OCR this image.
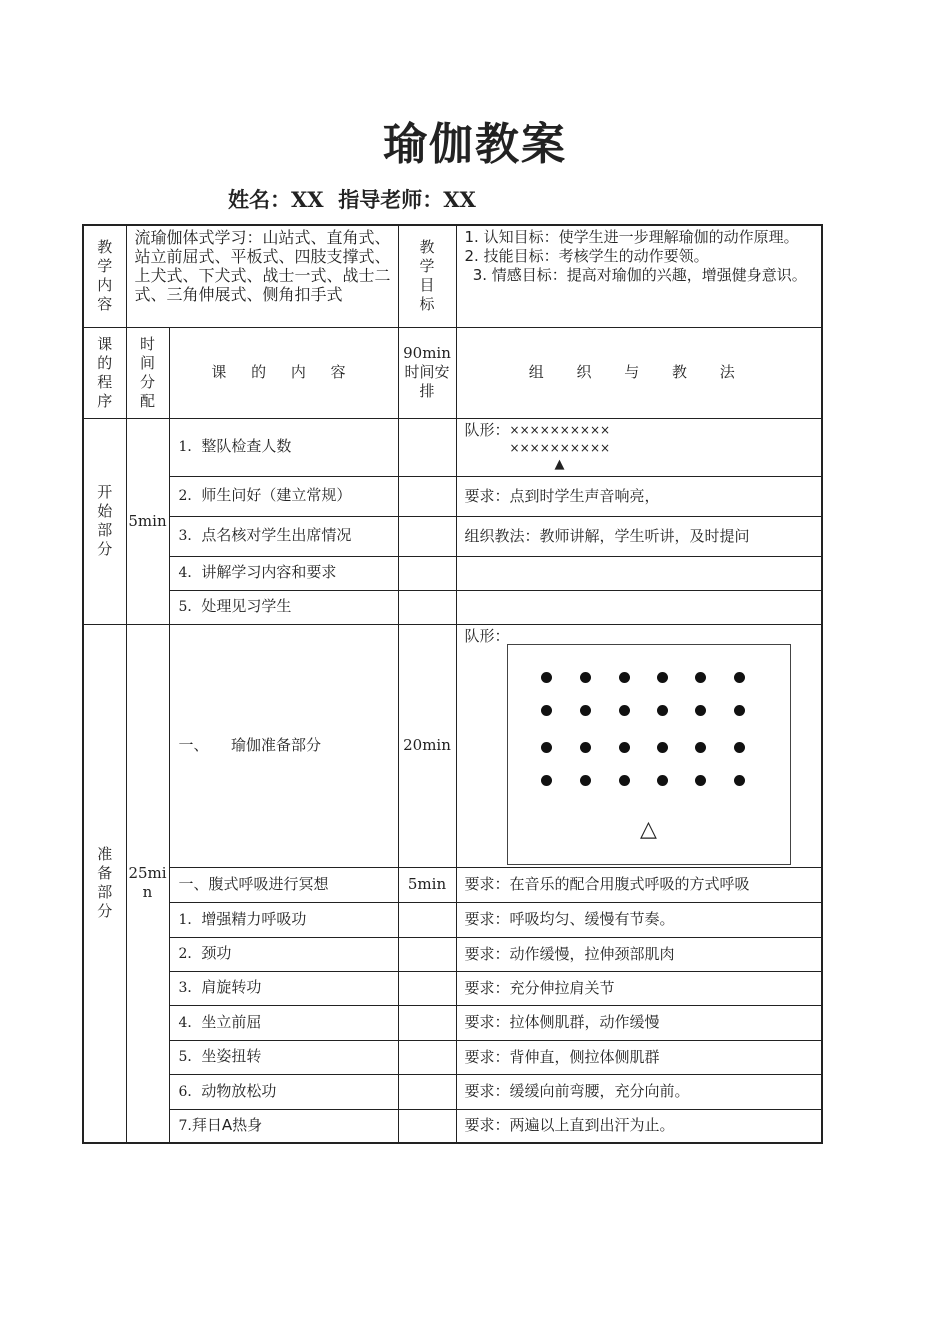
瑜伽教案
姓名：XX 指导老师：XX
教学内容	流瑜伽体式学习：山站式、直角式、站立前屈式、平板式、四肢支撑式、上犬式、下犬式、战士一式、战士二式、三角伸展式、侧角扣手式		教学目标	1. 认知目标：使学生进一步理解瑜伽的动作原理。
2. 技能目标：考核学生的动作要领。
3. 情感目标：提高对瑜伽的兴趣，增强健身意识。

课的程序	时间分配	课 的 内 容	90min时间安排	组 织 与 教 法
开始部分	5min	1．整队检查人数		队形： ××××××××××
××××××××××
▲

		2．师生问好（建立常规）		要求：点到时学生声音响亮，
		3．点名核对学生出席情况		组织教法：教师讲解，学生听讲，及时提问
		4．讲解学习内容和要求		
		5．处理见习学生		
准备部分	25min	一、　　瑜伽准备部分	20min	队形：
		一、腹式呼吸进行冥想	5min	要求：在音乐的配合用腹式呼吸的方式呼吸
		1．增强精力呼吸功		要求：呼吸均匀、缓慢有节奏。
		2．颈功		要求：动作缓慢，拉伸颈部肌肉
		3．肩旋转功		要求：充分伸拉肩关节
		4．坐立前屈		要求：拉体侧肌群，动作缓慢
		5．坐姿扭转		要求：背伸直，侧拉体侧肌群
		6．动物放松功		要求：缓缓向前弯腰，充分向前。
		7.拜日A热身		要求：两遍以上直到出汗为止。
△
